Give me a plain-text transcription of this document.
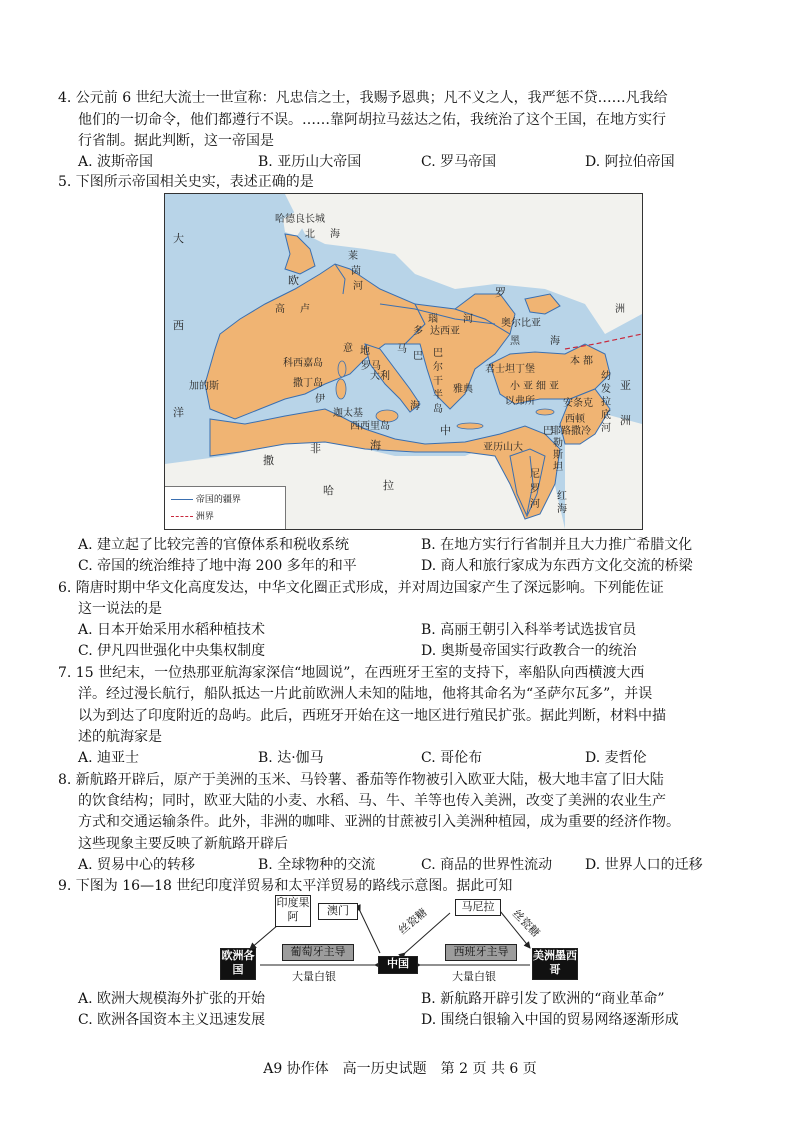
4. 公元前 6 世纪大流士一世宣称：凡忠信之士，我赐予恩典；凡不义之人，我严惩不贷……凡我给
他们的一切命令，他们都遵行不误。……靠阿胡拉马兹达之佑，我统治了这个王国，在地方实行
行省制。据此判断，这一帝国是
A. 波斯帝国	B. 亚历山大帝国	C. 罗马帝国	D. 阿拉伯帝国
5. 下图所示帝国相关史实，表述正确的是
哈德良长城
北 海
莱
茵
河
欧
罗
高 卢
大
西
洋
科西嘉岛
撒丁岛
罗马
伊
利
意
大
加的斯
巴
迦太基
西西里岛
多
瑙	河
达西亚
巴
尔
干
半
岛
奥尔比亚
黑	海
洲
君士坦丁堡
雅典	小 亚 细 亚
以弗所
本 都
安条克
西顿
耶路撒冷
亚历山大
中
海
地
非
撒
哈	拉
尼
罗
河
幼
发
拉
底
河
巴
勒
斯
坦
红
海
亚
洲
海
马
帝国的疆界
洲界
A. 建立起了比较完善的官僚体系和税收系统	B. 在地方实行行省制并且大力推广希腊文化
C. 帝国的统治维持了地中海 200 多年的和平	D. 商人和旅行家成为东西方文化交流的桥梁
6. 隋唐时期中华文化高度发达，中华文化圈正式形成，并对周边国家产生了深远影响。下列能佐证
这一说法的是
A. 日本开始采用水稻种植技术	B. 高丽王朝引入科举考试选拔官员
C. 伊凡四世强化中央集权制度	D. 奥斯曼帝国实行政教合一的统治
7. 15 世纪末，一位热那亚航海家深信“地圆说”，在西班牙王室的支持下，率船队向西横渡大西
洋。经过漫长航行，船队抵达一片此前欧洲人未知的陆地，他将其命名为“圣萨尔瓦多”，并误
以为到达了印度附近的岛屿。此后，西班牙开始在这一地区进行殖民扩张。据此判断，材料中描
述的航海家是
A. 迪亚士	B. 达·伽马	C. 哥伦布	D. 麦哲伦
8. 新航路开辟后，原产于美洲的玉米、马铃薯、番茄等作物被引入欧亚大陆，极大地丰富了旧大陆
的饮食结构；同时，欧亚大陆的小麦、水稻、马、牛、羊等也传入美洲，改变了美洲的农业生产
方式和交通运输条件。此外，非洲的咖啡、亚洲的甘蔗被引入美洲种植园，成为重要的经济作物。
这些现象主要反映了新航路开辟后
A. 贸易中心的转移	B. 全球物种的交流	C. 商品的世界性流动 D. 世界人口的迁移
9. 下图为 16—18 世纪印度洋贸易和太平洋贸易的路线示意图。据此可知
印度果阿	澳门	马尼拉
欧洲各国	中国
美洲墨西哥
葡萄牙主导	西班牙主导
大量白银	大量白银
丝瓷糖	丝瓷糖
A. 欧洲大规模海外扩张的开始	B. 新航路开辟引发了欧洲的“商业革命”
C. 欧洲各国资本主义迅速发展	D. 围绕白银输入中国的贸易网络逐渐形成
A9 协作体　高一历史试题　第 2 页 共 6 页
